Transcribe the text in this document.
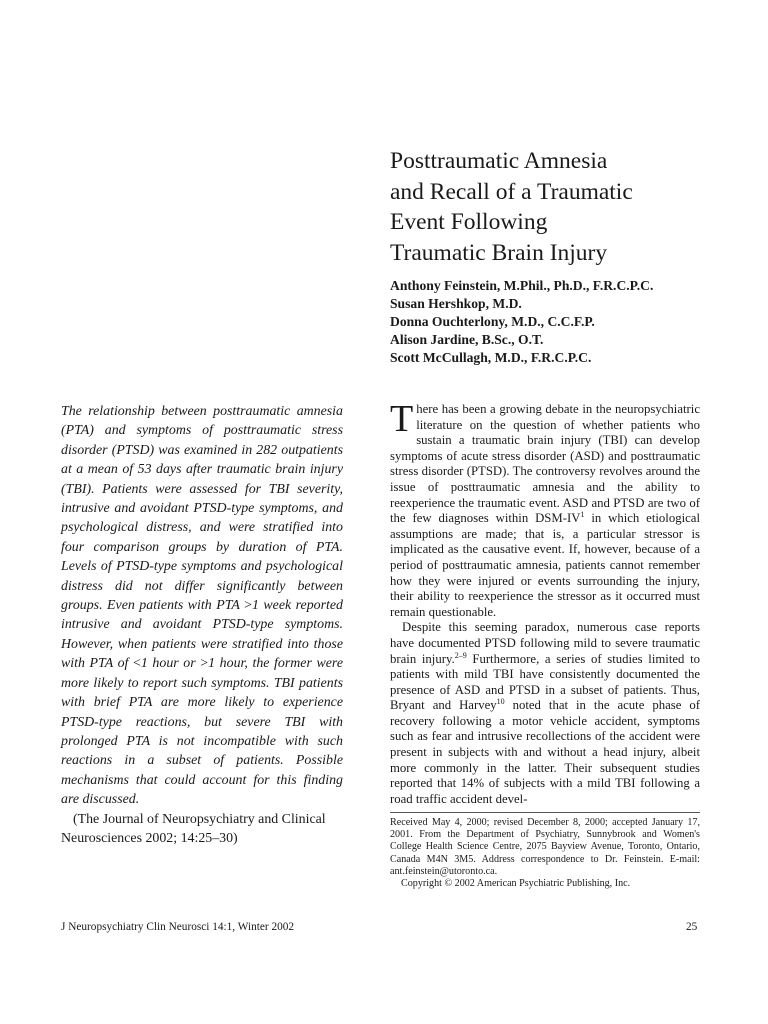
Posttraumatic Amnesia
and Recall of a Traumatic
Event Following
Traumatic Brain Injury
Anthony Feinstein, M.Phil., Ph.D., F.R.C.P.C.
Susan Hershkop, M.D.
Donna Ouchterlony, M.D., C.C.F.P.
Alison Jardine, B.Sc., O.T.
Scott McCullagh, M.D., F.R.C.P.C.

The relationship between posttraumatic amnesia (PTA) and symptoms of posttraumatic stress disorder (PTSD) was examined in 282 outpatients at a mean of 53 days after traumatic brain injury (TBI). Patients were assessed for TBI severity, intrusive and avoidant PTSD-type symptoms, and psychological distress, and were stratified into four comparison groups by duration of PTA. Levels of PTSD-type symptoms and psychological distress did not differ significantly between groups. Even patients with PTA >1 week reported intrusive and avoidant PTSD-type symptoms. However, when patients were stratified into those with PTA of <1 hour or >1 hour, the former were more likely to report such symptoms. TBI patients with brief PTA are more likely to experience PTSD-type reactions, but severe TBI with prolonged PTA is not incompatible with such reactions in a subset of patients. Possible mechanisms that could account for this finding are discussed.

(The Journal of Neuropsychiatry and Clinical Neurosciences 2002; 14:25–30)

There has been a growing debate in the neuropsychiatric literature on the question of whether patients who sustain a traumatic brain injury (TBI) can develop symptoms of acute stress disorder (ASD) and posttraumatic stress disorder (PTSD). The controversy revolves around the issue of posttraumatic amnesia and the ability to reexperience the traumatic event. ASD and PTSD are two of the few diagnoses within DSM-$IV^1$ in which etiological assumptions are made; that is, a particular stressor is implicated as the causative event. If, however, because of a period of posttraumatic amnesia, patients cannot remember how they were injured or events surrounding the injury, their ability to reexperience the stressor as it occurred must remain questionable.

Despite this seeming paradox, numerous case reports have documented PTSD following mild to severe traumatic brain injury.$^{2-9}$ Furthermore, a series of studies limited to patients with mild TBI have consistently documented the presence of ASD and PTSD in a subset of patients. Thus, Bryant and Harvey$^{10}$ noted that in the acute phase of recovery following a motor vehicle accident, symptoms such as fear and intrusive recollections of the accident were present in subjects with and without a head injury, albeit more commonly in the latter. Their subsequent studies reported that 14% of subjects with a mild TBI following a road traffic accident devel-

Received May 4, 2000; revised December 8, 2000; accepted January 17, 2001. From the Department of Psychiatry, Sunnybrook and Women's College Health Science Centre, 2075 Bayview Avenue, Toronto, Ontario, Canada M4N 3M5. Address correspondence to Dr. Feinstein. E-mail: ant.feinstein@utoronto.ca.

Copyright © 2002 American Psychiatric Publishing, Inc.

J Neuropsychiatry Clin Neurosci 14:1, Winter 2002	25
